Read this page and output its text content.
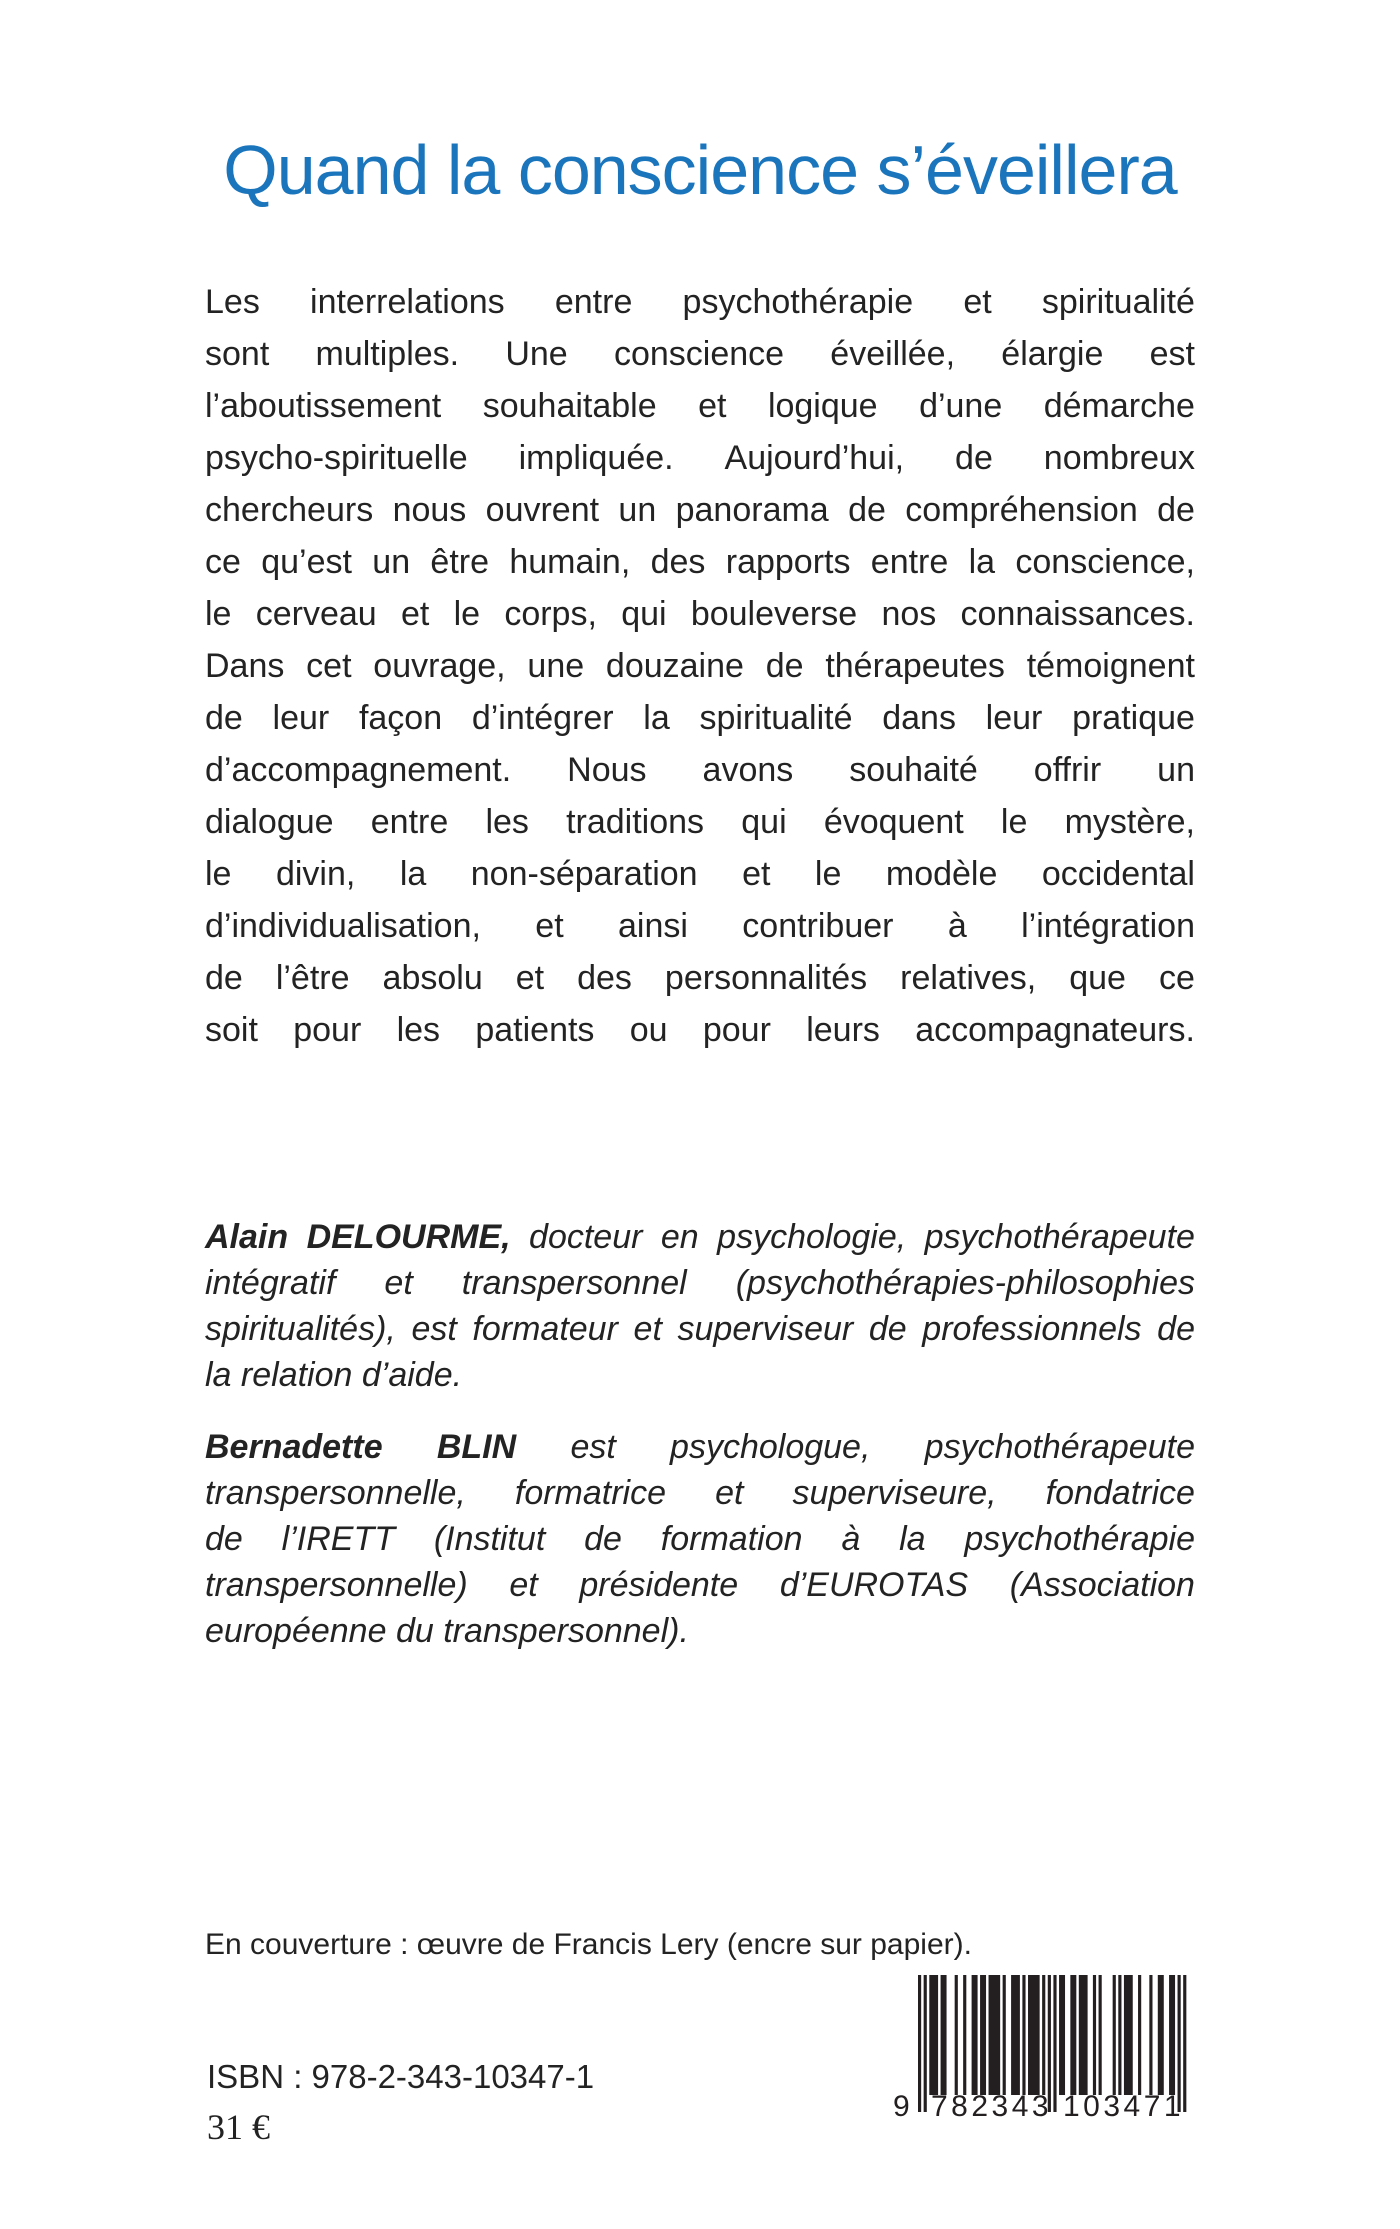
Quand la conscience s’éveillera
Les interrelations entre psychothérapie et spiritualité
sont multiples. Une conscience éveillée, élargie est
l’aboutissement souhaitable et logique d’une démarche
psycho-spirituelle impliquée. Aujourd’hui, de nombreux
chercheurs nous ouvrent un panorama de compréhension de
ce qu’est un être humain, des rapports entre la conscience,
le cerveau et le corps, qui bouleverse nos connaissances.
Dans cet ouvrage, une douzaine de thérapeutes témoignent
de leur façon d’intégrer la spiritualité dans leur pratique
d’accompagnement. Nous avons souhaité offrir un
dialogue entre les traditions qui évoquent le mystère,
le divin, la non-séparation et le modèle occidental
d’individualisation, et ainsi contribuer à l’intégration
de l’être absolu et des personnalités relatives, que ce
soit pour les patients ou pour leurs accompagnateurs.
Alain DELOURME, docteur en psychologie, psychothérapeute
intégratif et transpersonnel (psychothérapies-philosophies
spiritualités), est formateur et superviseur de professionnels de
la relation d’aide.
Bernadette BLIN est psychologue, psychothérapeute
transpersonnelle, formatrice et superviseure, fondatrice
de l’IRETT (Institut de formation à la psychothérapie
transpersonnelle) et présidente d’EUROTAS (Association
européenne du transpersonnel).
En couverture : œuvre de Francis Lery (encre sur papier).
ISBN : 978-2-343-10347-1
31 €
9 782343 103471
